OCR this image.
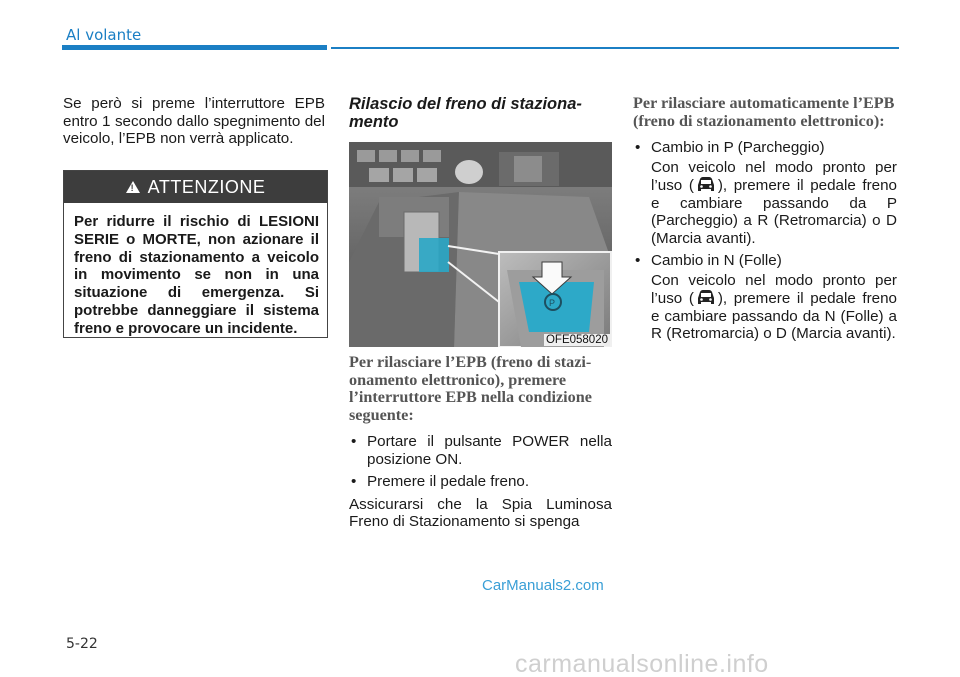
Al volante
Se però si preme l’interruttore EPB entro 1 secondo dallo spegnimento del veicolo, l’EPB non verrà applicato.
! ATTENZIONE
Per ridurre il rischio di LESIONI SERIE o MORTE, non azionare il freno di stazionamento a veicolo in movimento se non in una situazione di emergenza. Si potrebbe danneggiare il sistema freno e provocare un incidente.
Rilascio del freno di staziona-mento
P
OFE058020
Per rilasciare l’EPB (freno di stazi-onamento elettronico), premere l’interruttore EPB nella condizione seguente:
• Portare il pulsante POWER nella posizione ON.
• Premere il pedale freno.
Assicurarsi che la Spia Luminosa Freno di Stazionamento si spenga
Per rilasciare automaticamente l’EPB (freno di stazionamento elettronico):
• Cambio in P (Parcheggio)
Con veicolo nel modo pronto per l’uso ( ), premere il pedale freno e cambiare passando da P (Parcheggio) a R (Retromarcia) o D (Marcia avanti).
• Cambio in N (Folle)
Con veicolo nel modo pronto per l’uso ( ), premere il pedale freno e cambiare passando da N (Folle) a R (Retromarcia) o D (Marcia avanti).
CarManuals2.com
5-22
carmanualsonline.info
